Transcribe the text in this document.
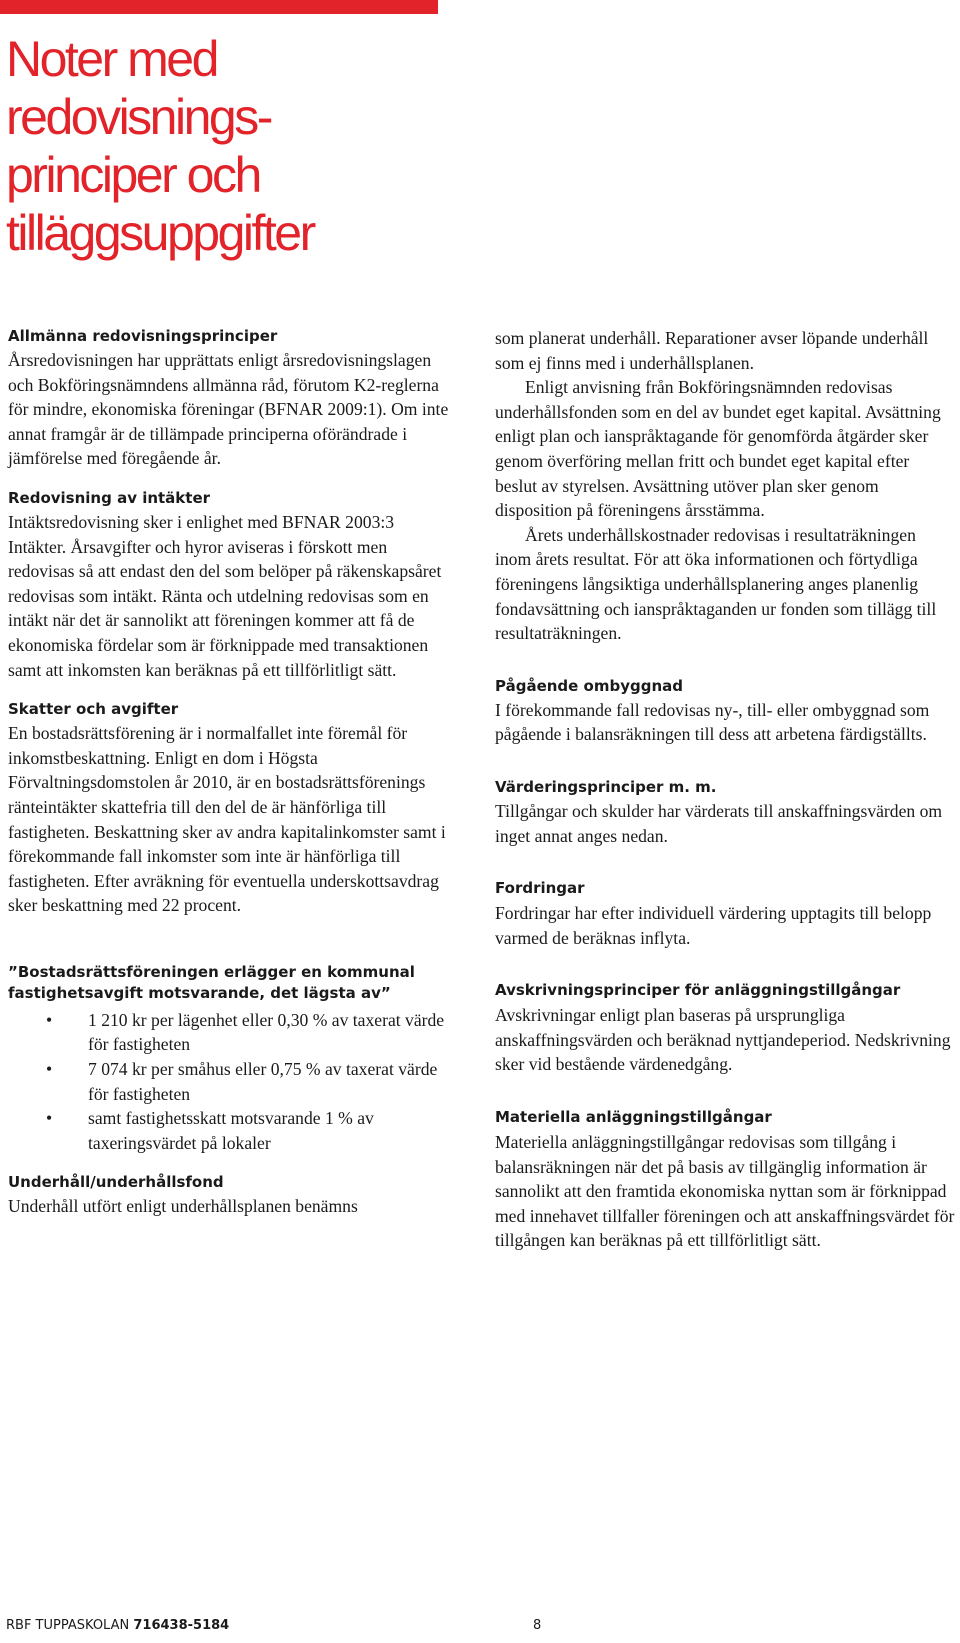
Noter med
redovisnings-
principer och
tilläggsuppgifter
Allmänna redovisningsprinciper

Årsredovisningen har upprättats enligt årsredovisningslagen och Bokföringsnämndens allmänna råd, förutom K2-reglerna för mindre, ekonomiska föreningar (BFNAR 2009:1). Om inte annat framgår är de tillämpade principerna oförändrade i jämförelse med föregående år.

Redovisning av intäkter

Intäktsredovisning sker i enlighet med BFNAR 2003:3 Intäkter. Årsavgifter och hyror aviseras i förskott men redovisas så att endast den del som belöper på räkenskapsåret redovisas som intäkt. Ränta och utdelning redovisas som en intäkt när det är sannolikt att föreningen kommer att få de ekonomiska fördelar som är förknippade med transaktionen samt att inkomsten kan beräknas på ett tillförlitligt sätt.

Skatter och avgifter

En bostadsrättsförening är i normalfallet inte föremål för inkomstbeskattning. Enligt en dom i Högsta Förvaltningsdomstolen år 2010, är en bostadsrättsförenings ränteintäkter skattefria till den del de är hänförliga till fastigheten. Beskattning sker av andra kapitalinkomster samt i förekommande fall inkomster som inte är hänförliga till fastigheten. Efter avräkning för eventuella underskottsavdrag sker beskattning med 22 procent.

”Bostadsrättsföreningen erlägger en kommunal fastighetsavgift motsvarande, det lägsta av”
• 1 210 kr per lägenhet eller 0,30 % av taxerat värde för fastigheten
• 7 074 kr per småhus eller 0,75 % av taxerat värde för fastigheten
• samt fastighetsskatt motsvarande 1 % av taxeringsvärdet på lokaler
Underhåll/underhållsfond

Underhåll utfört enligt underhållsplanen benämns

som planerat underhåll. Reparationer avser löpande underhåll som ej finns med i underhållsplanen.

Enligt anvisning från Bokföringsnämnden redovisas underhållsfonden som en del av bundet eget kapital. Avsättning enligt plan och ianspråktagande för genomförda åtgärder sker genom överföring mellan fritt och bundet eget kapital efter beslut av styrelsen. Avsättning utöver plan sker genom disposition på föreningens årsstämma.

Årets underhållskostnader redovisas i resultaträkningen inom årets resultat. För att öka informationen och förtydliga föreningens långsiktiga underhållsplanering anges planenlig fondavsättning och ianspråktaganden ur fonden som tillägg till resultaträkningen.

Pågående ombyggnad

I förekommande fall redovisas ny-, till- eller ombyggnad som pågående i balansräkningen till dess att arbetena färdigställts.

Värderingsprinciper m. m.

Tillgångar och skulder har värderats till anskaffningsvärden om inget annat anges nedan.

Fordringar

Fordringar har efter individuell värdering upptagits till belopp varmed de beräknas inflyta.

Avskrivningsprinciper för anläggningstillgångar

Avskrivningar enligt plan baseras på ursprungliga anskaffningsvärden och beräknad nyttjandeperiod. Nedskrivning sker vid bestående värdenedgång.

Materiella anläggningstillgångar

Materiella anläggningstillgångar redovisas som tillgång i balansräkningen när det på basis av tillgänglig information är sannolikt att den framtida ekonomiska nyttan som är förknippad med innehavet tillfaller föreningen och att anskaffningsvärdet för tillgången kan beräknas på ett tillförlitligt sätt.

RBF TUPPASKOLAN 716438-5184	8
